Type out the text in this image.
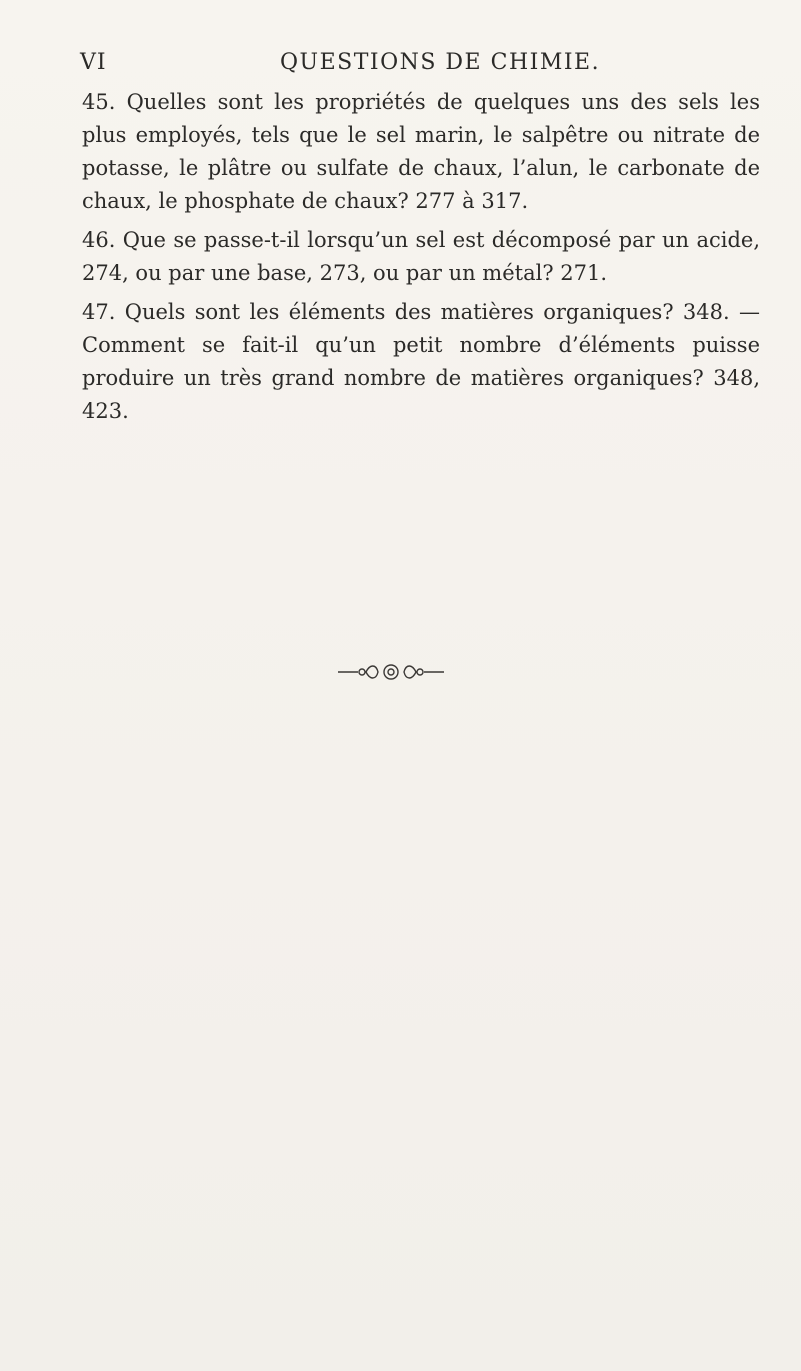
VI	QUESTIONS DE CHIMIE.

45. Quelles sont les propriétés de quelques uns des sels les plus employés, tels que le sel marin, le salpêtre ou nitrate de potasse, le plâtre ou sulfate de chaux, l’alun, le carbonate de chaux, le phosphate de chaux? 277 à 317.

46. Que se passe-t-il lorsqu’un sel est décomposé par un acide, 274, ou par une base, 273, ou par un métal? 271.

47. Quels sont les éléments des matières organiques? 348. — Comment se fait-il qu’un petit nombre d’éléments puisse produire un très grand nombre de matières organiques? 348, 423.
